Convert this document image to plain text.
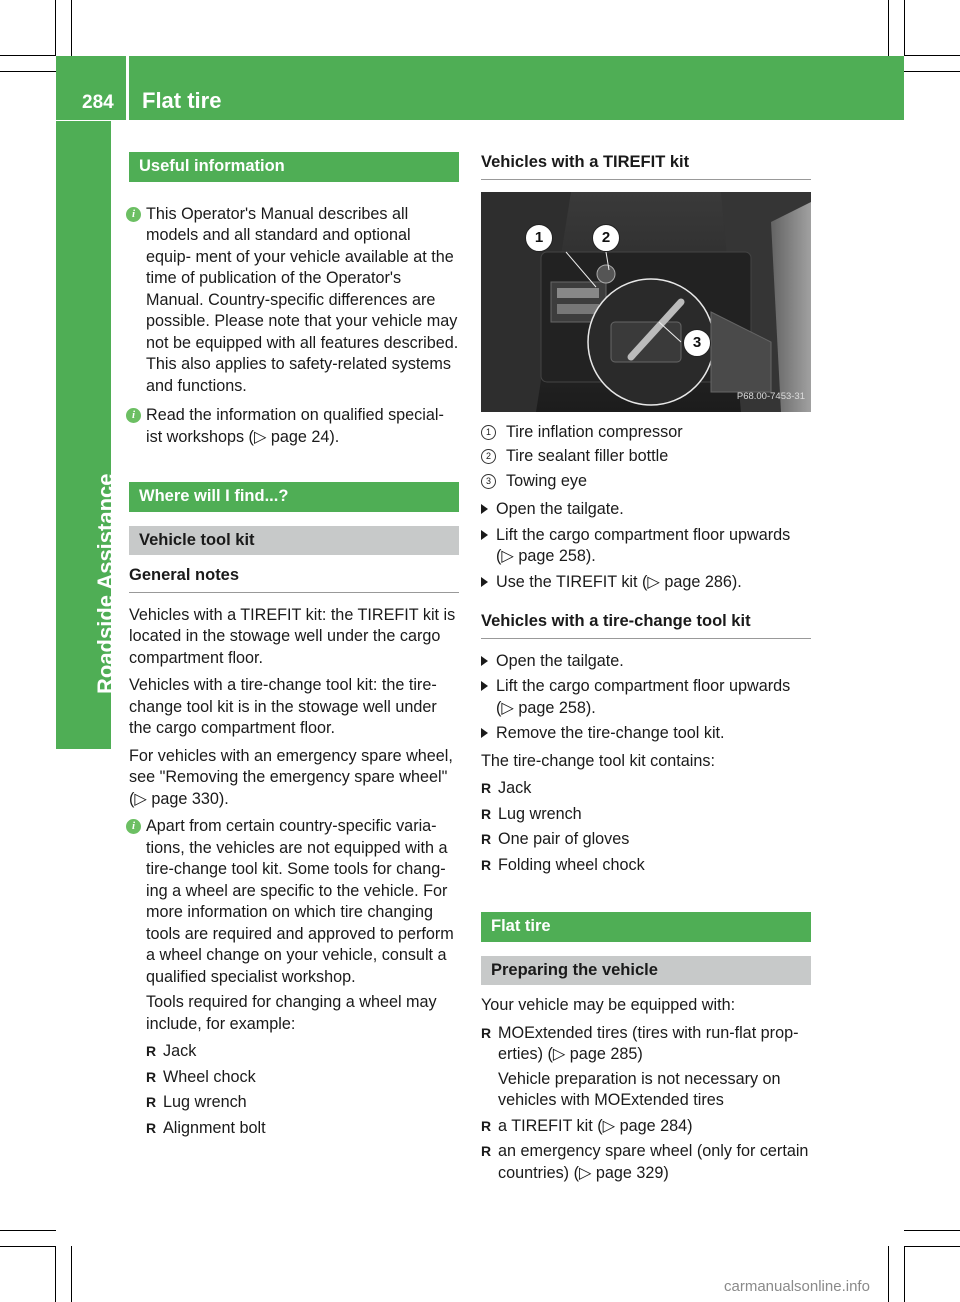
284 Flat tire
Roadside Assistance
Useful information
i This Operator's Manual describes all models and all standard and optional equip- ment of your vehicle available at the time of publication of the Operator's Manual. Country-specific differences are possible. Please note that your vehicle may not be equipped with all features described. This also applies to safety-related systems and functions.
i Read the information on qualified special- ist workshops (▷ page 24).
Where will I find...?
Vehicle tool kit
General notes

Vehicles with a TIREFIT kit: the TIREFIT kit is located in the stowage well under the cargo compartment floor.

Vehicles with a tire-change tool kit: the tire- change tool kit is in the stowage well under the cargo compartment floor.

For vehicles with an emergency spare wheel, see "Removing the emergency spare wheel" (▷ page 330).

i Apart from certain country-specific varia- tions, the vehicles are not equipped with a tire-change tool kit. Some tools for chang- ing a wheel are specific to the vehicle. For more information on which tire changing tools are required and approved to perform a wheel change on your vehicle, consult a qualified specialist workshop.
Tools required for changing a wheel may include, for example:
R Jack
R Wheel chock
R Lug wrench
R Alignment bolt
Vehicles with a TIREFIT kit
1	2
3
P68.00-7453-31
1 Tire inflation compressor
2 Tire sealant filler bottle
3 Towing eye
Open the tailgate.
Lift the cargo compartment floor upwards (▷ page 258).
Use the TIREFIT kit (▷ page 286).
Vehicles with a tire-change tool kit
Open the tailgate.
Lift the cargo compartment floor upwards (▷ page 258).
Remove the tire-change tool kit.

The tire-change tool kit contains:

R Jack
R Lug wrench
R One pair of gloves
R Folding wheel chock
Flat tire
Preparing the vehicle

Your vehicle may be equipped with:

R MOExtended tires (tires with run-flat prop- erties) (▷ page 285)
Vehicle preparation is not necessary on vehicles with MOExtended tires
R a TIREFIT kit (▷ page 284)
R an emergency spare wheel (only for certain countries) (▷ page 329)
carmanualsonline.info
